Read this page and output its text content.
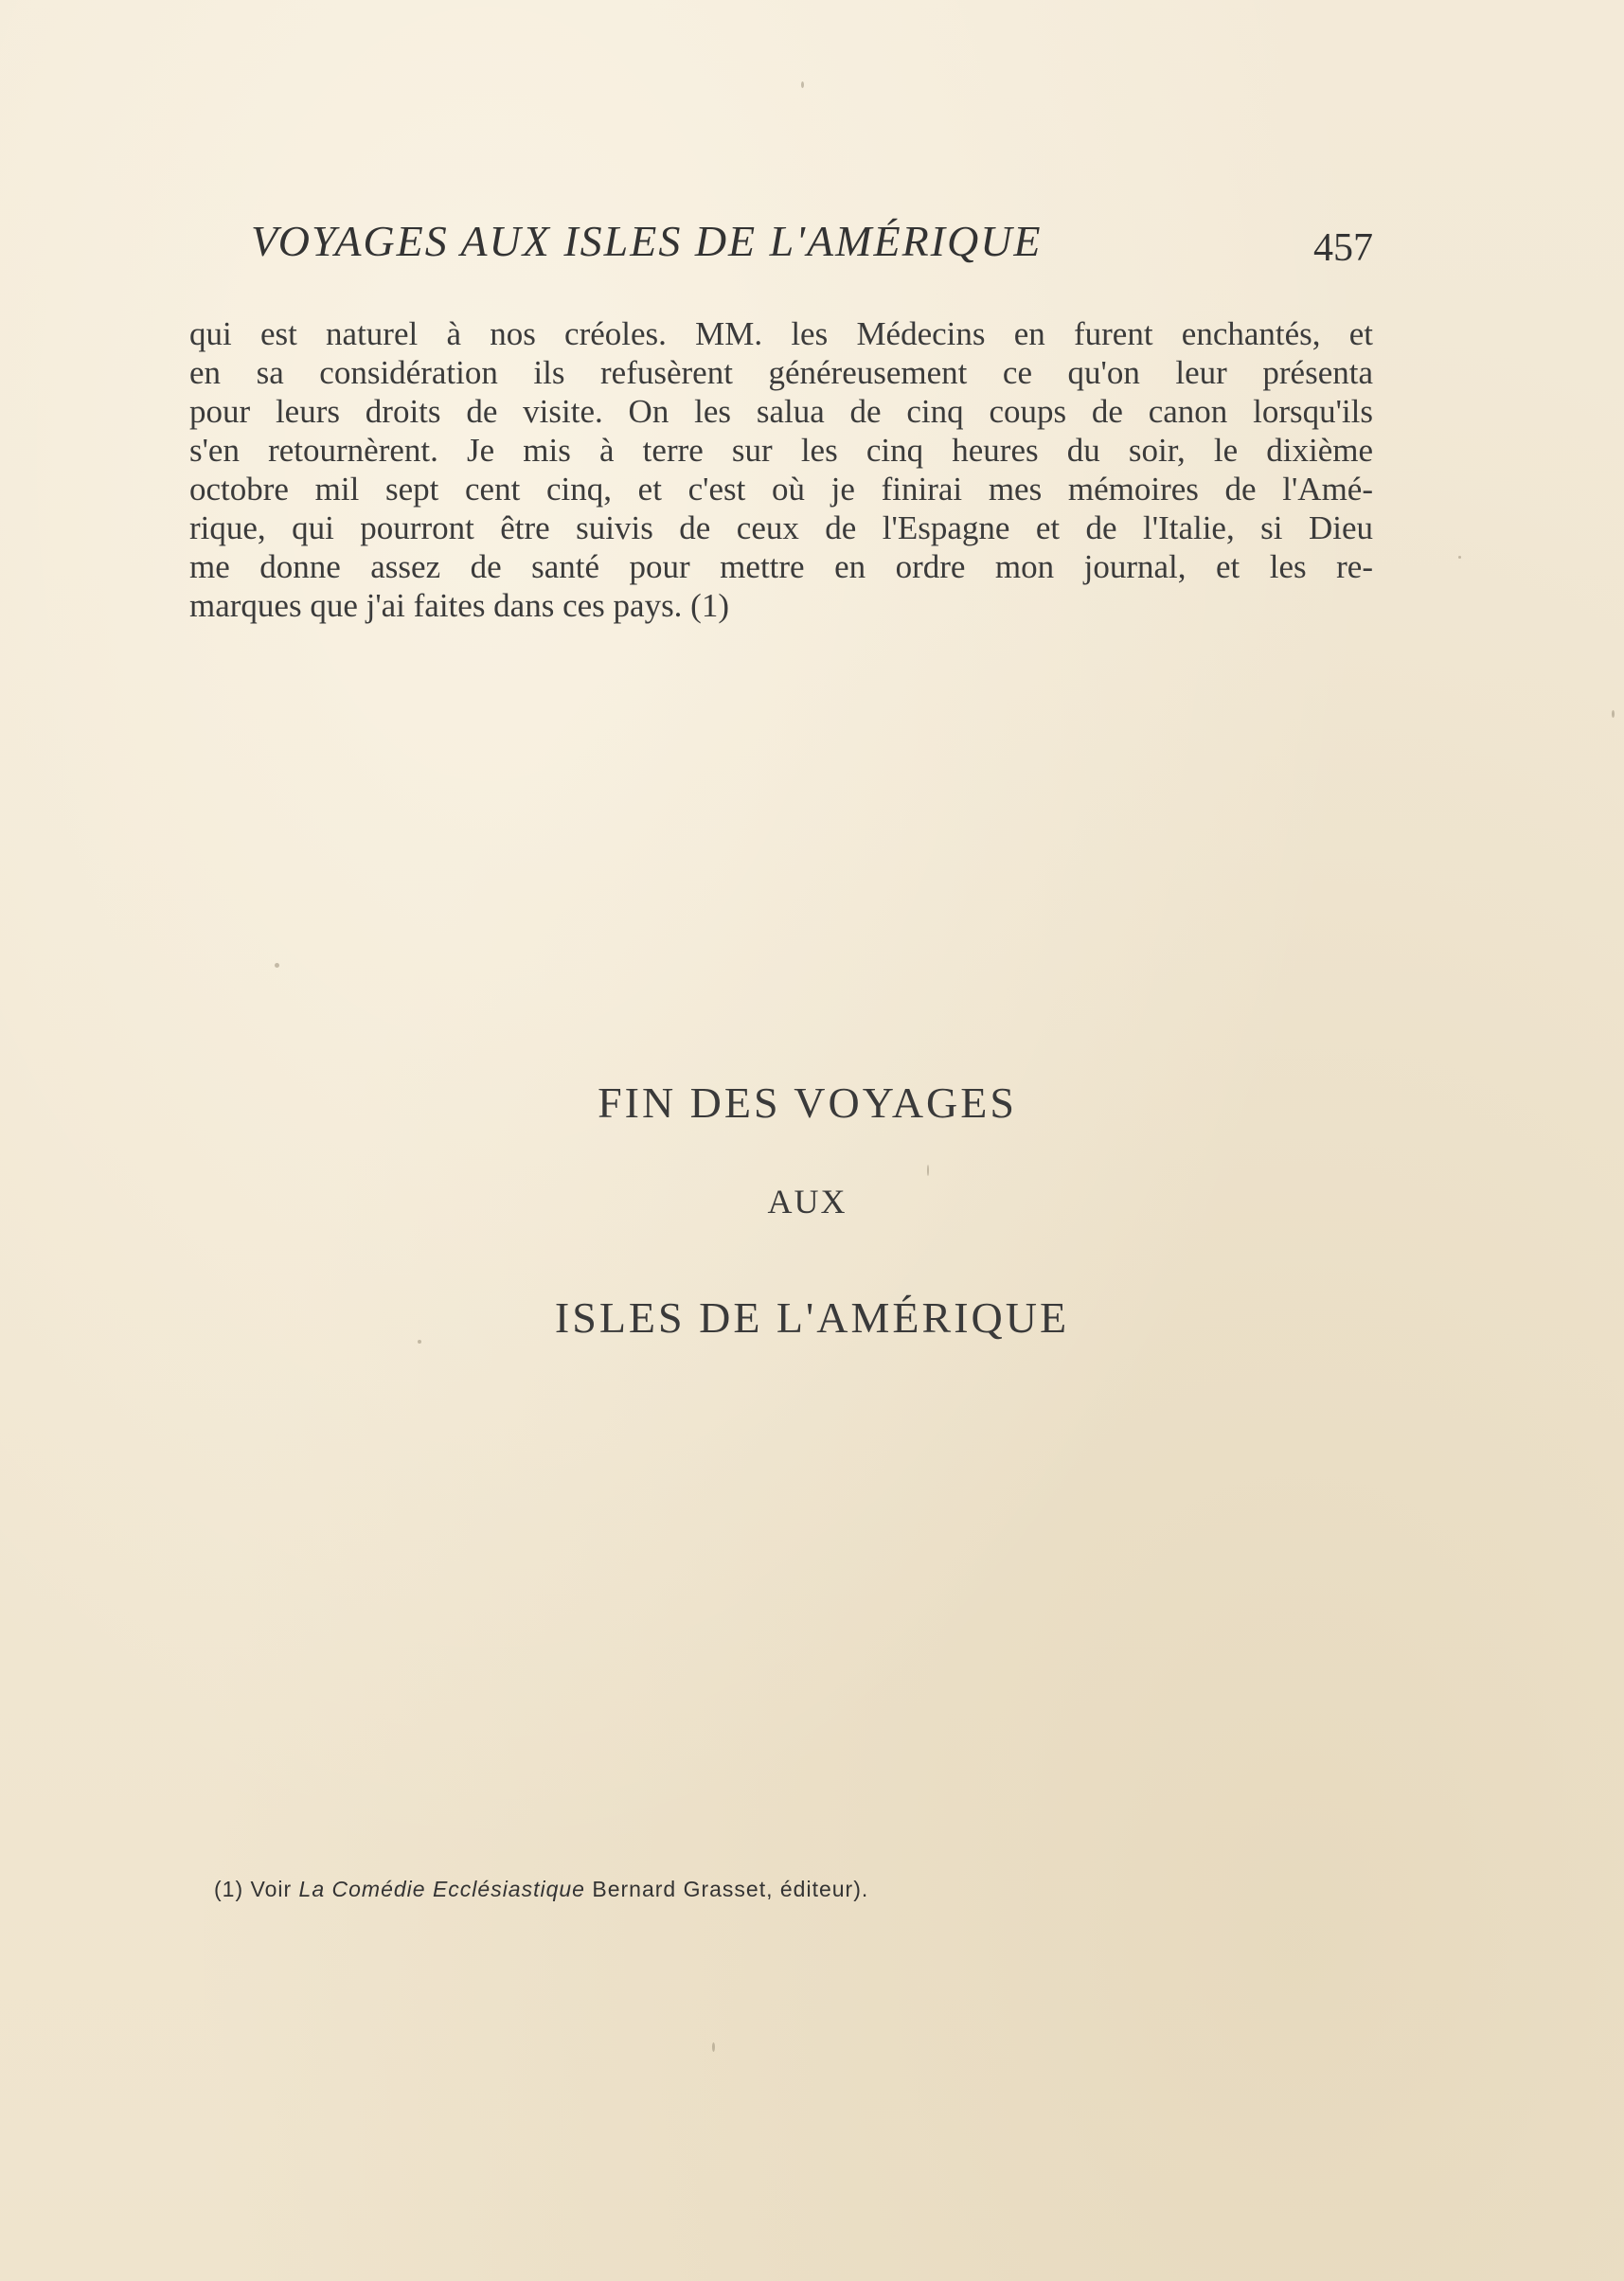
VOYAGES AUX ISLES DE L'AMÉRIQUE	457
qui est naturel à nos créoles. MM. les Médecins en furent enchantés, et
en sa considération ils refusèrent généreusement ce qu'on leur présenta
pour leurs droits de visite. On les salua de cinq coups de canon lorsqu'ils
s'en retournèrent. Je mis à terre sur les cinq heures du soir, le dixième
octobre mil sept cent cinq, et c'est où je finirai mes mémoires de l'Amé-
rique, qui pourront être suivis de ceux de l'Espagne et de l'Italie, si Dieu
me donne assez de santé pour mettre en ordre mon journal, et les re-
marques que j'ai faites dans ces pays. (1)
FIN DES VOYAGES
AUX
ISLES DE L'AMÉRIQUE
(1) Voir La Comédie Ecclésiastique Bernard Grasset, éditeur).
